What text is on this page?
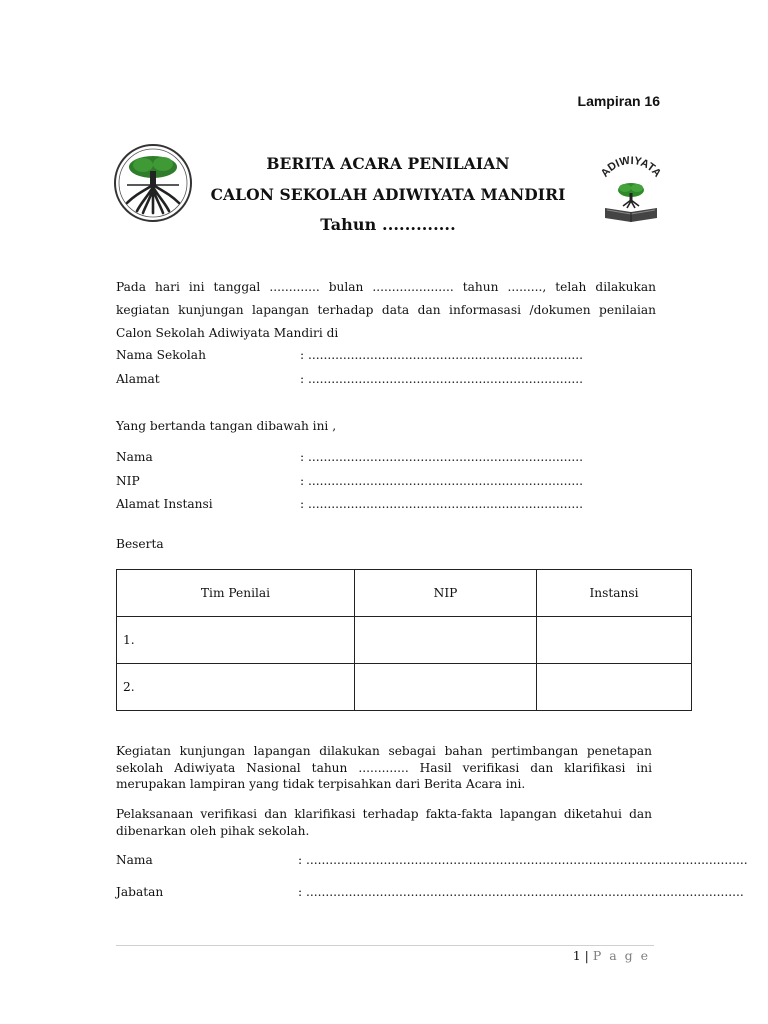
Lampiran 16
BERITA ACARA PENILAIAN
CALON SEKOLAH ADIWIYATA MANDIRI
Tahun .............
ADIWIYATA
Pada hari ini tanggal ............. bulan ..................... tahun ........., telah dilakukan kegiatan kunjungan lapangan terhadap data dan informasasi /dokumen penilaian Calon Sekolah Adiwiyata Mandiri di
Nama Sekolah	: .......................................................................
Alamat	: .......................................................................
Yang bertanda tangan dibawah ini ,
Nama	: .......................................................................
NIP	: .......................................................................
Alamat Instansi	: .......................................................................
Beserta
Tim Penilai	NIP	Instansi
1.		
2.		
Kegiatan kunjungan lapangan dilakukan sebagai bahan pertimbangan penetapan sekolah Adiwiyata Nasional tahun ............. Hasil verifikasi dan klarifikasi ini merupakan lampiran yang tidak terpisahkan dari Berita Acara ini.
Pelaksanaan verifikasi dan klarifikasi terhadap fakta-fakta lapangan diketahui dan dibenarkan oleh pihak sekolah.
Nama	: ..................................................................................................................
Jabatan	: .................................................................................................................
1 | P a g e
